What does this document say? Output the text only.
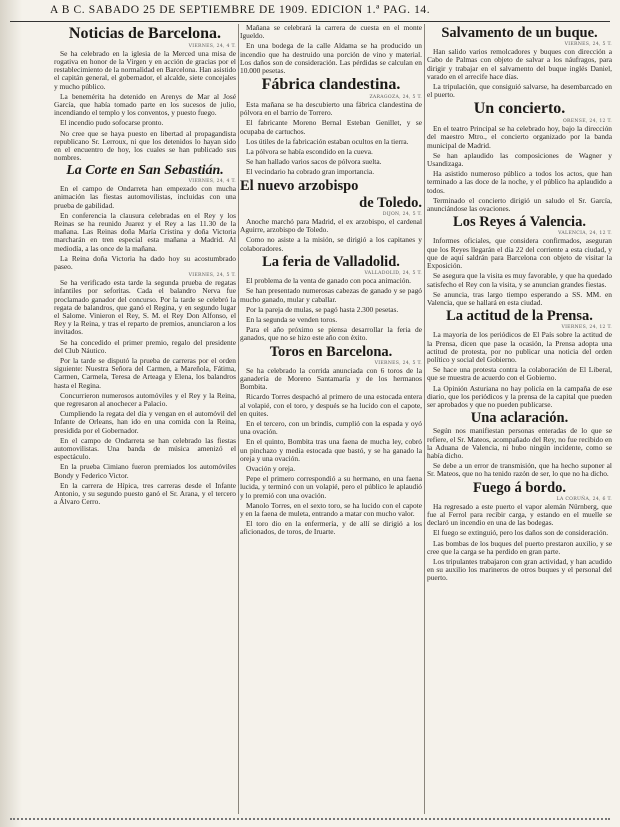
A B C. SABADO 25 DE SEPTIEMBRE DE 1909. EDICION 1.ª PAG. 14.
Noticias de Barcelona.
VIERNES, 24, 4 T.
Se ha celebrado en la iglesia de la Merced una misa de rogativa en honor de la Virgen y en acción de gracias por el restablecimiento de la normalidad en Barcelona. Han asistido el capitán general, el gobernador, el alcalde, siete concejales y mucho público.
La benemérita ha detenido en Arenys de Mar al José García, que había tomado parte en los sucesos de julio, incendiando el templo y los conventos, y puesto fuego.
El incendio pudo sofocarse pronto.
No cree que se haya puesto en libertad al propagandista republicano Sr. Lerroux, ni que los detenidos lo hayan sido en el encuentro de hoy, los cuales se han publicado sus nombres.
La Corte en San Sebastián.
VIERNES, 24, 4 T.
En el campo de Ondarreta han empezado con mucha animación las fiestas automovilistas, incluidas con una prueba de gabilidad.
En conferencia la clausura celebradas en el Rey y los Reinas se ha reunido Juarez y el Rey a las 11.30 de la mañana. Las Reinas doña María Cristina y doña Victoria marcharán en tren especial esta mañana a Madrid. Al mediodía, a las once de la mañana.
La Reina doña Victoria ha dado hoy su acostumbrado paseo.
VIERNES, 24, 5 T.
Se ha verificado esta tarde la segunda prueba de regatas infantiles por seforitas. Cada el balandro Nerva fue proclamado ganador del concurso. Por la tarde se celebró la regata de balandros, que ganó el Regina, y en segundo lugar el Salome. Vinieron el Rey, S. M. el Rey Don Alfonso, el Rey y la Reina, y tras el reparto de premios, anunciaron a los invitados.
Se ha concedido el primer premio, regalo del presidente del Club Náutico.
Por la tarde se disputó la prueba de carreras por el orden siguiente: Nuestra Señora del Carmen, a Mareñola, Fátima, Carmen, Carmela, Teresa de Arteaga y Elena, los balandros hasta el Regina.
Concurrieron numerosos automóviles y el Rey y la Reina, que regresaron al anochecer a Palacio.
Cumpliendo la regata del día y vengan en el automóvil del Infante de Orleans, han ido en una comida con la Reina, presidida por el Gobernador.
En el campo de Ondarreta se han celebrado las fiestas automovilistas. Una banda de música amenizó el espectáculo.
En la prueba Cimiano fueron premiados los automóviles Bondy y Federico Victor.
En la carrera de Hípica, tres carreras desde el Infante Antonio, y su segundo puesto ganó el Sr. Arana, y el tercero a Álvaro Cerro.
Mañana se celebrará la carrera de cuesta en el monte Igueldo.
En una bodega de la calle Aldama se ha producido un incendio que ha destruido una porción de vino y material. Los daños son de consideración. Las pérdidas se calculan en 10.000 pesetas.
Fábrica clandestina.
ZARAGOZA, 24, 5 T.
Esta mañana se ha descubierto una fábrica clandestina de pólvora en el barrio de Torrero.
El fabricante Moreno Bernal Esteban Genillet, y se ocupaba de cartuchos.
Los útiles de la fabricación estaban ocultos en la tierra.
La pólvora se había escondido en la cueva.
Se han hallado varios sacos de pólvora suelta.
El vecindario ha cobrado gran importancia.
El nuevo arzobispo
de Toledo.
DIJON, 24, 5 T.
Anoche marchó para Madrid, el ex arzobispo, el cardenal Aguirre, arzobispo de Toledo.
Como no asiste a la misión, se dirigió a los capitanes y colaboradores.
La feria de Valladolid.
VALLADOLID, 24, 5 T.
El problema de la venta de ganado con poca animación.
Se han presentado numerosas cabezas de ganado y se pagó mucho ganado, mular y caballar.
Por la pareja de mulas, se pagó hasta 2.300 pesetas.
En la segunda se venden toros.
Para el año próximo se piensa desarrollar la feria de ganados, que no se hizo este año con éxito.
Toros en Barcelona.
VIERNES, 24, 5 T.
Se ha celebrado la corrida anunciada con 6 toros de la ganadería de Moreno Santamaría y de los hermanos Bombita.
Ricardo Torres despachó al primero de una estocada entera al volapié, con el toro, y después se ha lucido con el capote, en quites.
En el tercero, con un brindis, cumplió con la espada y oyó una ovación.
En el quinto, Bombita tras una faena de mucha ley, cobró un pinchazo y media estocada que bastó, y se ha ganado la oreja y una ovación.
Ovación y oreja.
Pepe el primero correspondió a su hermano, en una faena lucida, y terminó con un volapié, pero el público le aplaudió y lo premió con una ovación.
Manolo Torres, en el sexto toro, se ha lucido con el capote y en la faena de muleta, entrando a matar con mucho valor.
El toro dio en la enfermería, y de allí se dirigió a los aficionados, de toros, de Iruarte.
Salvamento de un buque.
VIERNES, 24, 5 T.
Han salido varios remolcadores y buques con dirección a Cabo de Palmas con objeto de salvar a los náufragos, para dirigir y trabajar en el salvamento del buque inglés Daniel, varado en el arrecife hace días.
La tripulación, que consiguió salvarse, ha desembarcado en el puerto.
Un concierto.
ORENSE, 24, 12 T.
En el teatro Principal se ha celebrado hoy, bajo la dirección del maestro Mtro., el concierto organizado por la banda municipal de Madrid.
Se han aplaudido las composiciones de Wagner y Usandizaga.
Ha asistido numeroso público a todos los actos, que han terminado a las doce de la noche, y el público ha aplaudido a todos.
Terminado el concierto dirigió un saludo el Sr. García, anunciándose las ovaciones.
Los Reyes á Valencia.
VALENCIA, 24, 12 T.
Informes oficiales, que considera confirmados, aseguran que los Reyes llegarán el día 22 del corriente a esta ciudad, y que de aquí saldrán para Barcelona con objeto de visitar la Exposición.
Se asegura que la visita es muy favorable, y que ha quedado satisfecho el Rey con la visita, y se anuncian grandes fiestas.
Se anuncia, tras largo tiempo esperando a SS. MM. en Valencia, que se hallará en esta ciudad.
La actitud de la Prensa.
VIERNES, 24, 12 T.
La mayoría de los periódicos de El País sobre la actitud de la Prensa, dicen que pase la ocasión, la Prensa adopta una actitud de protesta, por no publicar una noticia del orden político y social del Gobierno.
Se hace una protesta contra la colaboración de El Liberal, que se muestra de acuerdo con el Gobierno.
La Opinión Asturiana no hay policía en la campaña de ese diario, que los periódicos y la prensa de la capital que pueden ser aprobados y que no pueden publicarse.
Una aclaración.
Según nos manifiestan personas enteradas de lo que se refiere, el Sr. Mateos, acompañado del Rey, no fue recibido en la Aduana de Valencia, ni hubo ningún incidente, como se había dicho.
Se debe a un error de transmisión, que ha hecho suponer al Sr. Mateos, que no ha tenido razón de ser, lo que no ha dicho.
Fuego á bordo.
LA CORUÑA, 24, 6 T.
Ha regresado a este puerto el vapor alemán Nürnberg, que fue al Ferrol para recibir carga, y estando en el muelle se declaró un incendio en una de las bodegas.
El fuego se extinguió, pero los daños son de consideración.
Las bombas de los buques del puerto prestaron auxilio, y se cree que la carga se ha perdido en gran parte.
Los tripulantes trabajaron con gran actividad, y han acudido en su auxilio los marineros de otros buques y el personal del puerto.
